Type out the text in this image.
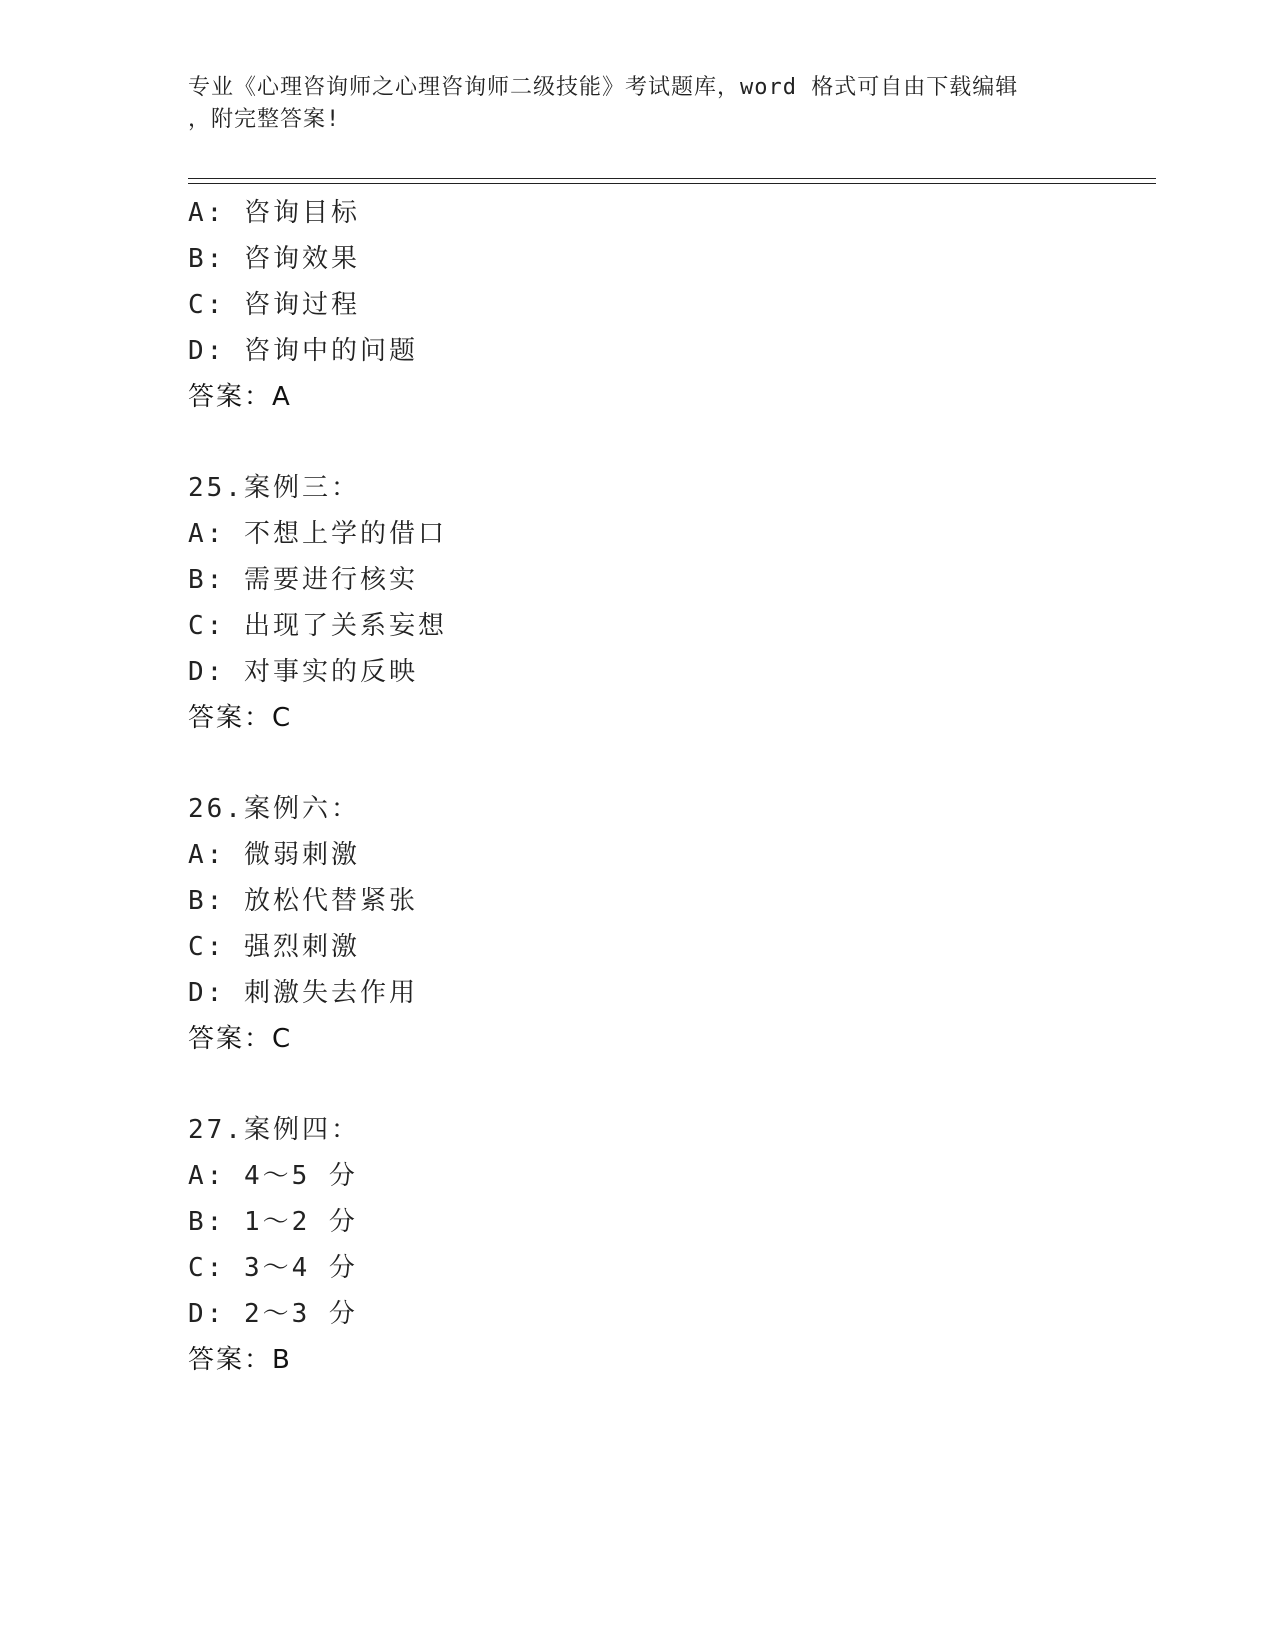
专业《心理咨询师之心理咨询师二级技能》考试题库，word 格式可自由下载编辑
，附完整答案!
A: 咨询目标
B: 咨询效果
C: 咨询过程
D: 咨询中的问题
答案：A
25.案例三：
A: 不想上学的借口
B: 需要进行核实
C: 出现了关系妄想
D: 对事实的反映
答案：C
26.案例六：
A: 微弱刺激
B: 放松代替紧张
C: 强烈刺激
D: 刺激失去作用
答案：C
27.案例四：
A: 4～5 分
B: 1～2 分
C: 3～4 分
D: 2～3 分
答案：B
